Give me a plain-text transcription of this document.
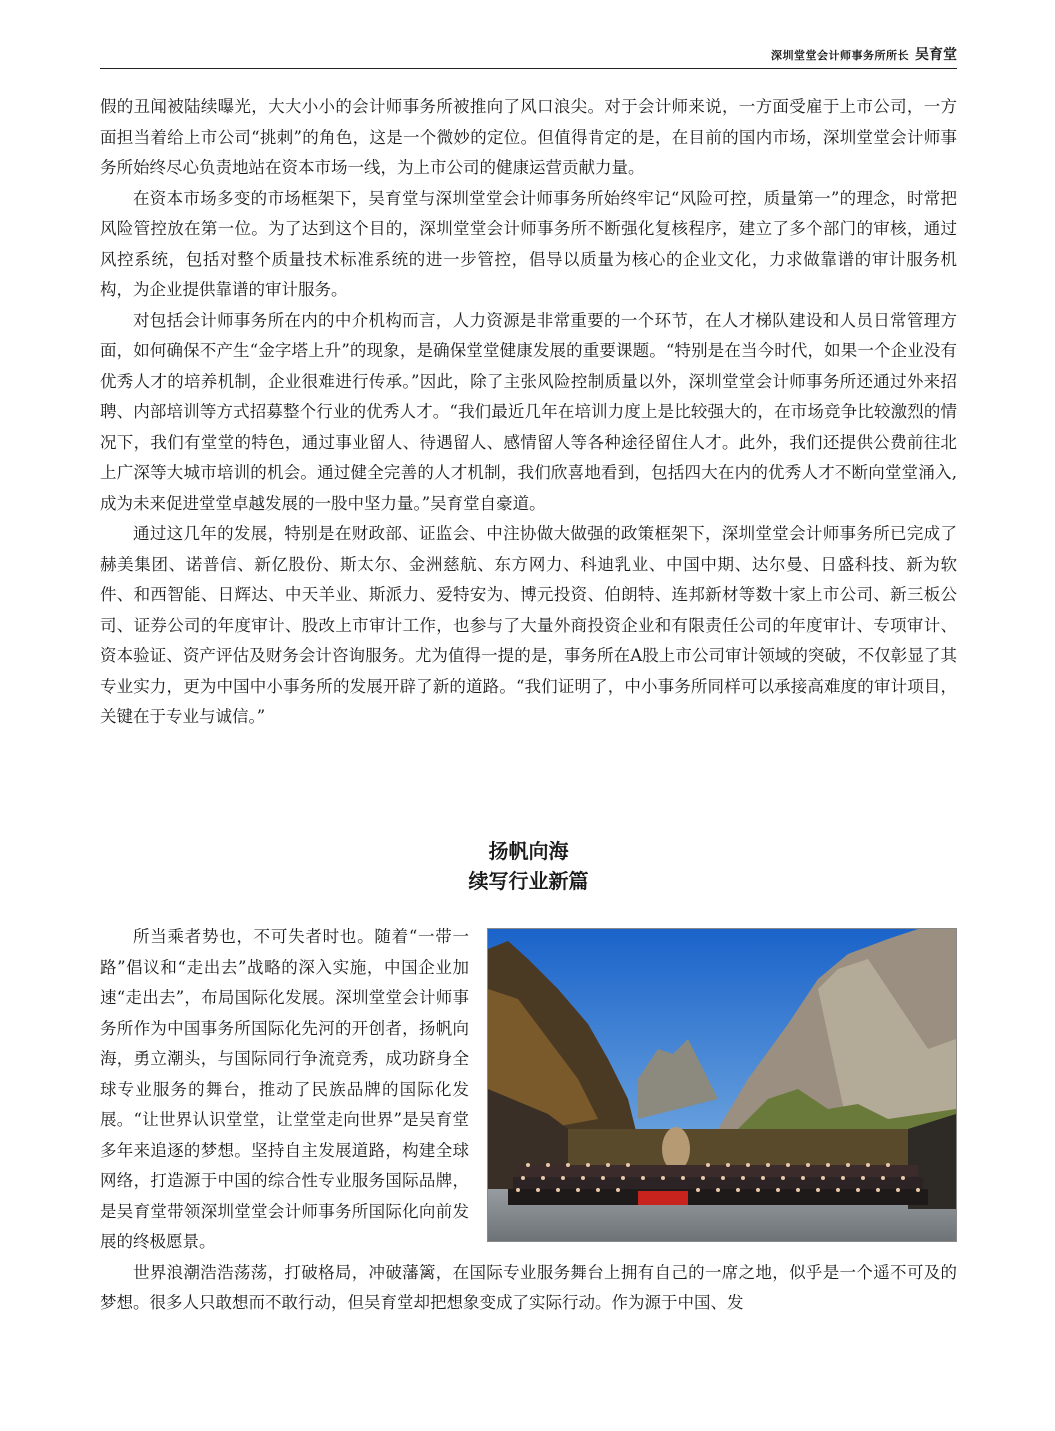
深圳堂堂会计师事务所所长 吴育堂

假的丑闻被陆续曝光，大大小小的会计师事务所被推向了风口浪尖。对于会计师来说，一方面受雇于上市公司，一方面担当着给上市公司“挑刺”的角色，这是一个微妙的定位。但值得肯定的是，在目前的国内市场，深圳堂堂会计师事务所始终尽心负责地站在资本市场一线，为上市公司的健康运营贡献力量。

在资本市场多变的市场框架下，吴育堂与深圳堂堂会计师事务所始终牢记“风险可控，质量第一”的理念，时常把风险管控放在第一位。为了达到这个目的，深圳堂堂会计师事务所不断强化复核程序，建立了多个部门的审核，通过风控系统，包括对整个质量技术标准系统的进一步管控，倡导以质量为核心的企业文化，力求做靠谱的审计服务机构，为企业提供靠谱的审计服务。

对包括会计师事务所在内的中介机构而言，人力资源是非常重要的一个环节，在人才梯队建设和人员日常管理方面，如何确保不产生“金字塔上升”的现象，是确保堂堂健康发展的重要课题。“特别是在当今时代，如果一个企业没有优秀人才的培养机制，企业很难进行传承。”因此，除了主张风险控制质量以外，深圳堂堂会计师事务所还通过外来招聘、内部培训等方式招募整个行业的优秀人才。“我们最近几年在培训力度上是比较强大的，在市场竞争比较激烈的情况下，我们有堂堂的特色，通过事业留人、待遇留人、感情留人等各种途径留住人才。此外，我们还提供公费前往北上广深等大城市培训的机会。通过健全完善的人才机制，我们欣喜地看到，包括四大在内的优秀人才不断向堂堂涌入,成为未来促进堂堂卓越发展的一股中坚力量。”吴育堂自豪道。

通过这几年的发展，特别是在财政部、证监会、中注协做大做强的政策框架下，深圳堂堂会计师事务所已完成了赫美集团、诺普信、新亿股份、斯太尔、金洲慈航、东方网力、科迪乳业、中国中期、达尔曼、日盛科技、新为软件、和西智能、日辉达、中天羊业、斯派力、爱特安为、博元投资、伯朗特、连邦新材等数十家上市公司、新三板公司、证券公司的年度审计、股改上市审计工作，也参与了大量外商投资企业和有限责任公司的年度审计、专项审计、资本验证、资产评估及财务会计咨询服务。尤为值得一提的是，事务所在A股上市公司审计领域的突破，不仅彰显了其专业实力，更为中国中小事务所的发展开辟了新的道路。“我们证明了，中小事务所同样可以承接高难度的审计项目，关键在于专业与诚信。”

扬帆向海
续写行业新篇

所当乘者势也，不可失者时也。随着“一带一路”倡议和“走出去”战略的深入实施，中国企业加速“走出去”，布局国际化发展。深圳堂堂会计师事务所作为中国事务所国际化先河的开创者，扬帆向海，勇立潮头，与国际同行争流竞秀，成功跻身全球专业服务的舞台，推动了民族品牌的国际化发展。“让世界认识堂堂，让堂堂走向世界”是吴育堂多年来追逐的梦想。坚持自主发展道路，构建全球网络，打造源于中国的综合性专业服务国际品牌，是吴育堂带领深圳堂堂会计师事务所国际化向前发展的终极愿景。

世界浪潮浩浩荡荡，打破格局，冲破藩篱，在国际专业服务舞台上拥有自己的一席之地，似乎是一个遥不可及的梦想。很多人只敢想而不敢行动，但吴育堂却把想象变成了实际行动。作为源于中国、发
